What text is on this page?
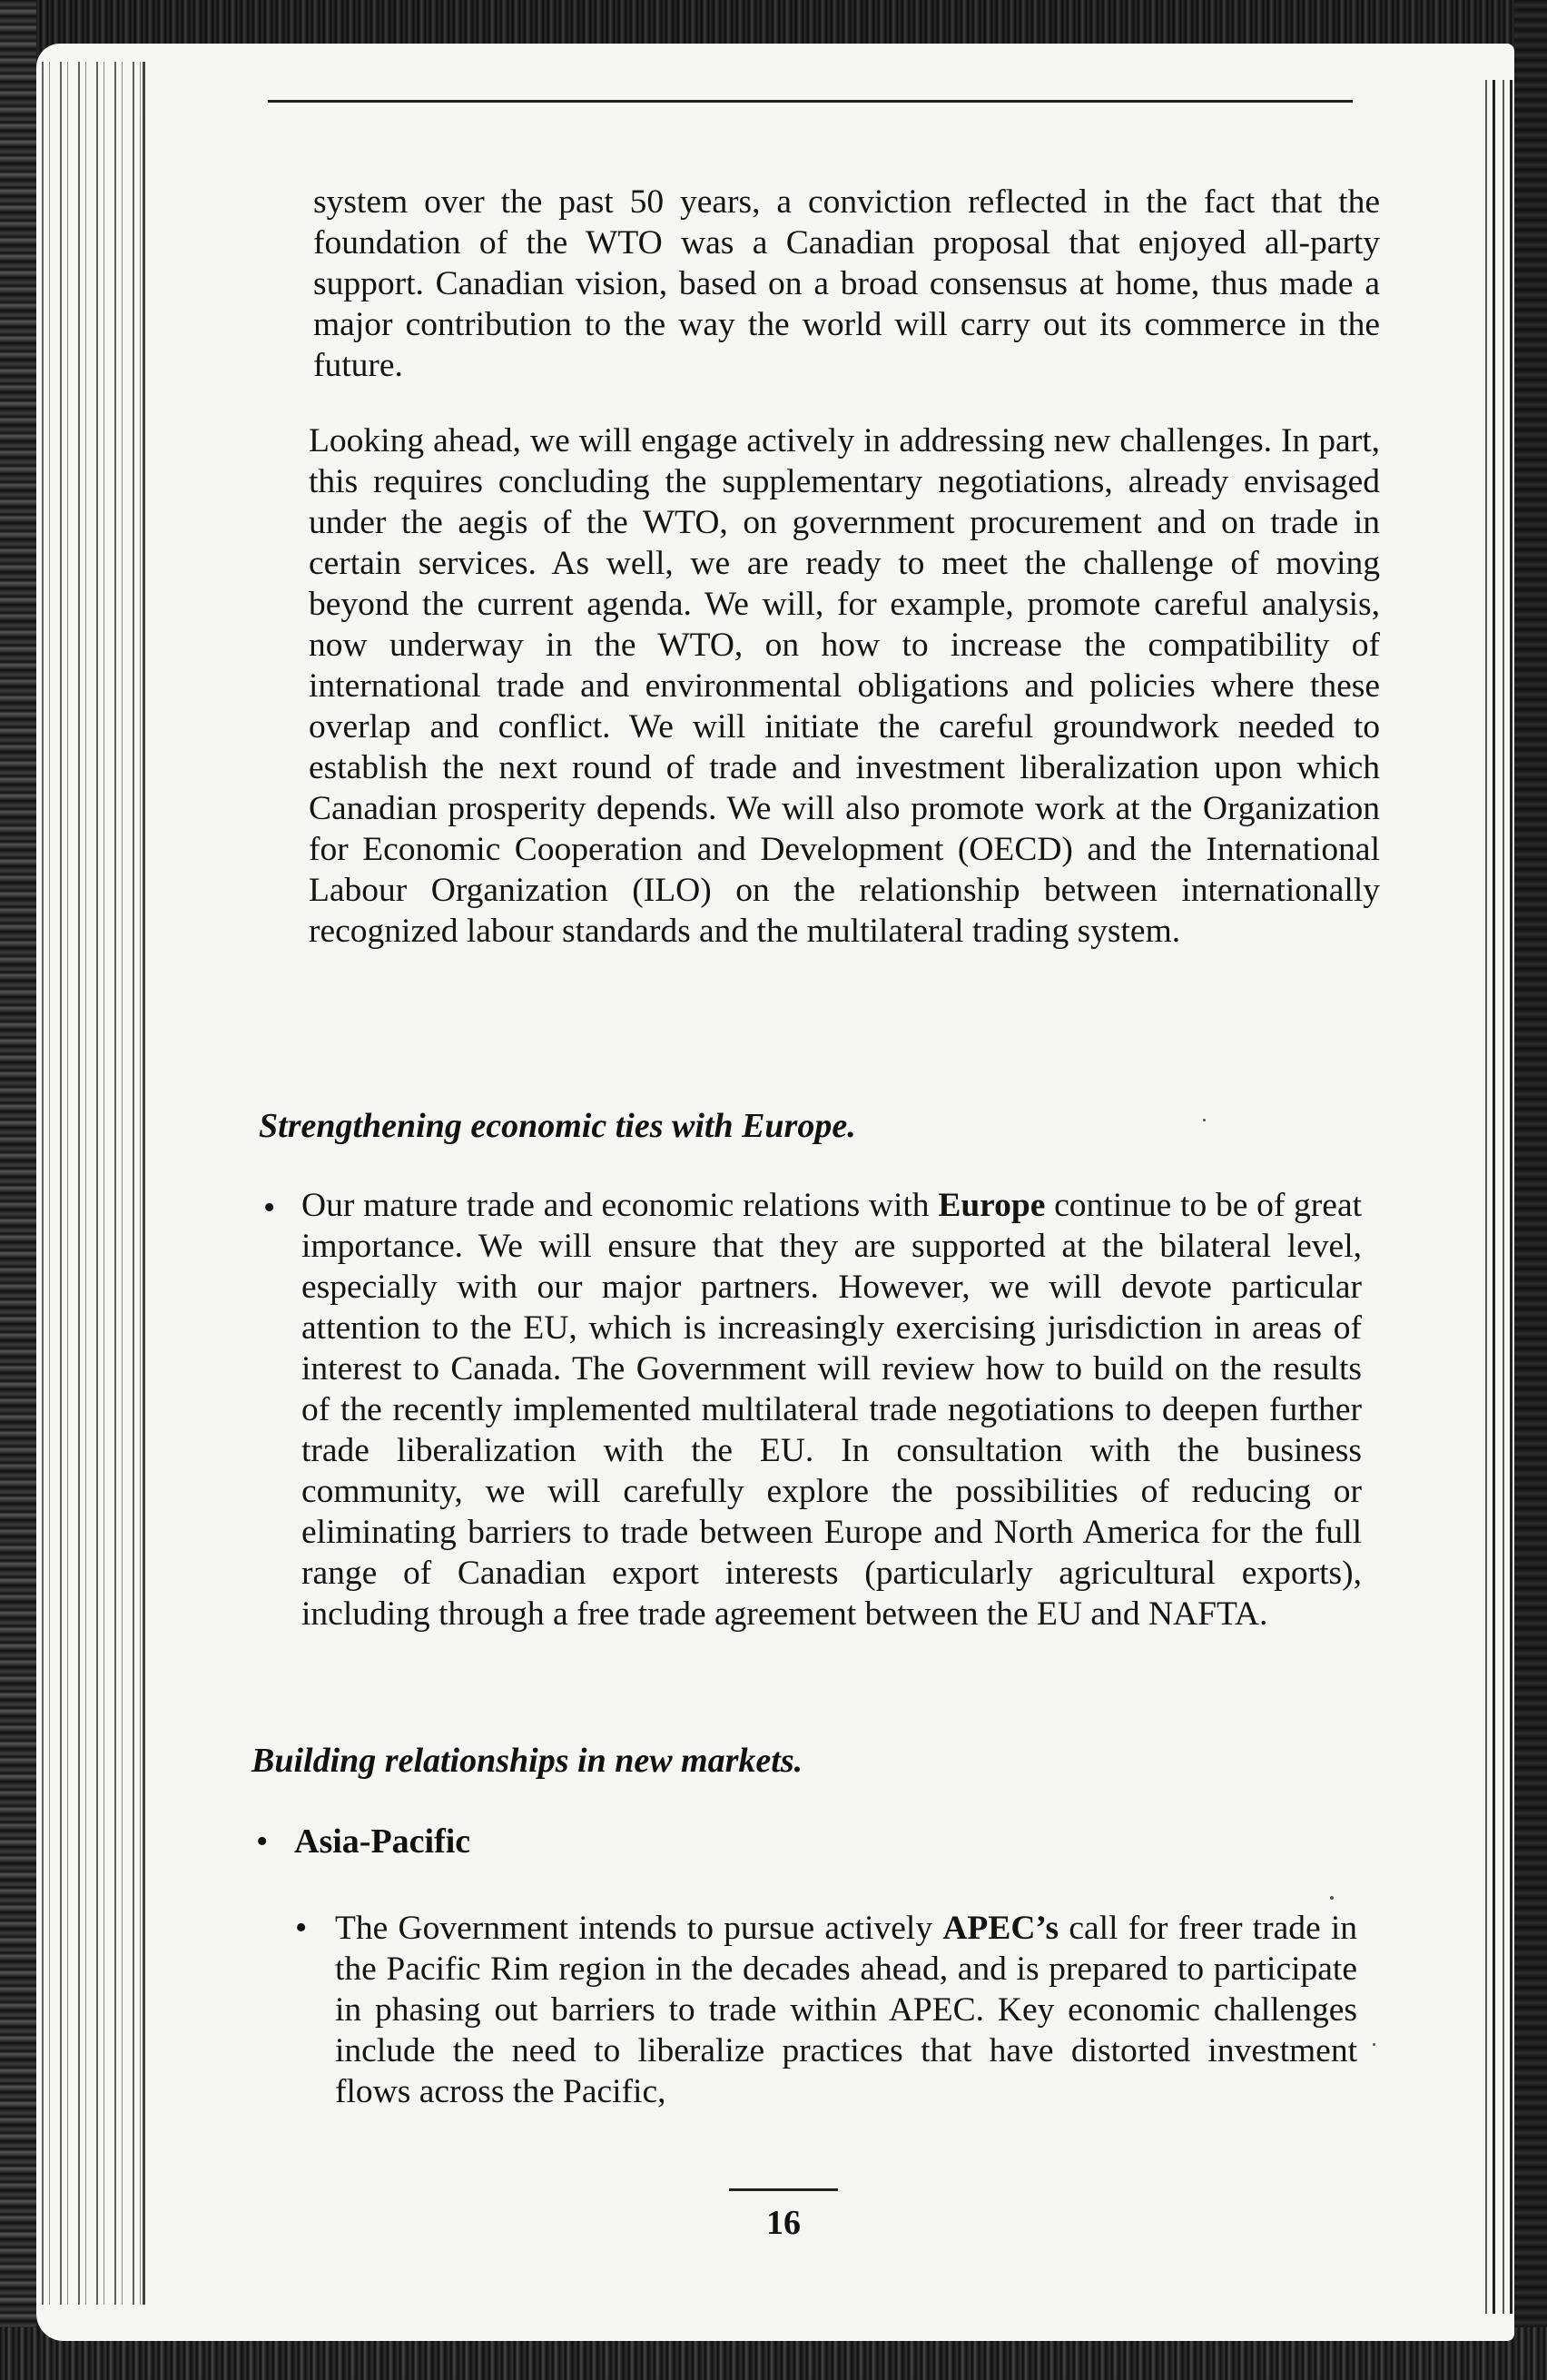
system over the past 50 years, a conviction reflected in the fact that the foundation of the WTO was a Canadian proposal that enjoyed all-party support. Canadian vision, based on a broad consensus at home, thus made a major contribution to the way the world will carry out its commerce in the future.

Looking ahead, we will engage actively in addressing new challenges. In part, this requires concluding the supplementary negotiations, already envisaged under the aegis of the WTO, on government procurement and on trade in certain services. As well, we are ready to meet the challenge of moving beyond the current agenda. We will, for example, promote careful analysis, now underway in the WTO, on how to increase the compatibility of international trade and environmental obligations and policies where these overlap and conflict. We will initiate the careful groundwork needed to establish the next round of trade and investment liberalization upon which Canadian prosperity depends. We will also promote work at the Organization for Economic Cooperation and Development (OECD) and the International Labour Organization (ILO) on the relationship between internationally recognized labour standards and the multilateral trading system.

Strengthening economic ties with Europe.

• Our mature trade and economic relations with Europe continue to be of great importance. We will ensure that they are supported at the bilateral level, especially with our major partners. However, we will devote particular attention to the EU, which is increasingly exercising jurisdiction in areas of interest to Canada. The Government will review how to build on the results of the recently implemented multilateral trade negotiations to deepen further trade liberalization with the EU. In consultation with the business community, we will carefully explore the possibilities of reducing or eliminating barriers to trade between Europe and North America for the full range of Canadian export interests (particularly agricultural exports), including through a free trade agreement between the EU and NAFTA.

Building relationships in new markets.

• Asia-Pacific

• The Government intends to pursue actively APEC’s call for freer trade in the Pacific Rim region in the decades ahead, and is prepared to participate in phasing out barriers to trade within APEC. Key economic challenges include the need to liberalize practices that have distorted investment flows across the Pacific,

16
